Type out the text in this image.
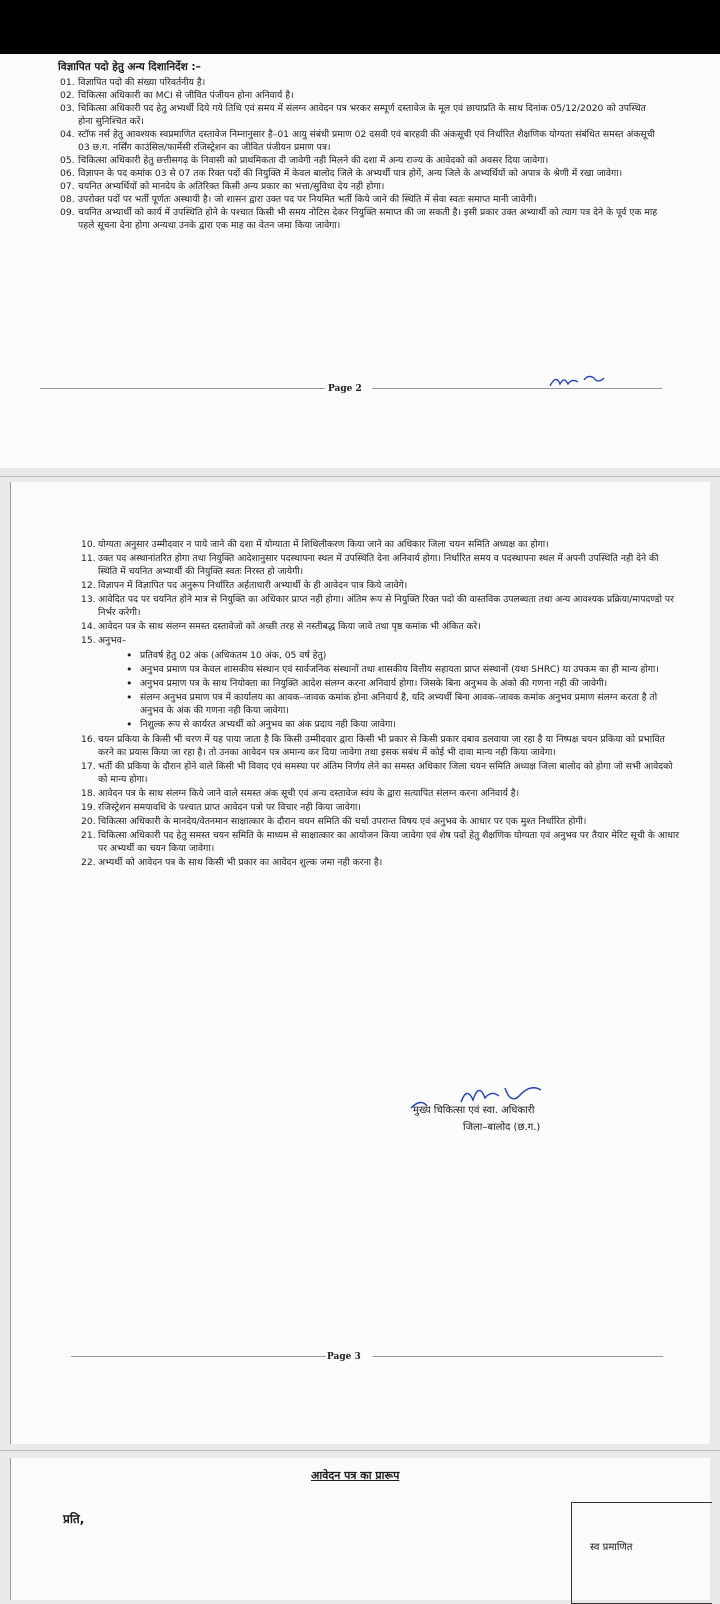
विज्ञापित पदो हेतु अन्य दिशानिर्देश :–
01. विज्ञापित पदो की संख्या परिवर्तनीय है।
02. चिकित्सा अधिकारी का MCI से जीवित पंजीयन होना अनिवार्य है।
03. चिकित्सा अधिकारी पद हेतु अभ्यर्थी दिये गये तिथि एवं समय में संलग्न आवेदन पत्र भरकर सम्पूर्ण दस्तावेज के मूल एवं छायाप्रति के साथ दिनांक 05/12/2020 को उपस्थित होना सुनिश्चित करें।
04. स्टॉफ नर्स हेतु आवश्यक स्वप्रमाणित दस्तावेज निम्नानुसार है–01 आयु संबंधी प्रमाण 02 दसवी एवं बारहवी की अंकसूची एवं निर्धारित शैक्षणिक योग्यता संबंधित समस्त अंकसूची 03 छ.ग. नर्सिंग काउंसिल/फार्मेसी रजिस्ट्रेशन का जीवित पंजीयन प्रमाण पत्र।
05. चिकित्सा अधिकारी हेतु छत्तीसगढ़ के निवासी को प्राथमिकता दी जावेगी नही मिलने की दशा में अन्य राज्य के आवेदको को अवसर दिया जावेगा।
06. विज्ञापन के पद कमांक 03 से 07 तक रिक्त पदों की नियुक्ति में केवल बालोद जिले के अभ्यर्थी पात्र होगें, अन्य जिले के अभ्यर्थियों को अपात्र के श्रेणी में रखा जावेगा।
07. चयनित अभ्यर्थियों को मानदेय के अतिरिक्त किसी अन्य प्रकार का भत्ता/सुविधा देय नही होगा।
08. उपरोक्त पदों पर भर्ती पूर्णतः अस्थायी है। जो शासन द्वारा उक्त पद पर नियमित भर्ती किये जाने की स्थिति में सेवा स्वतः समाप्त मानी जावेगी।
09. चयनित अभ्यार्थी को कार्य में उपस्थिति होने के पश्चात किसी भी समय नोटिस देकर नियुक्ति समाप्त की जा सकती है। इसी प्रकार उक्त अभ्यार्थी को त्याग पत्र देने के पूर्व एक माह पहले सूचना देना होगा अन्यथा उनके द्वारा एक माह का वेतन जमा किया जावेगा।
Page 2
10. योग्यता अनुसार उम्मीदवार न पाये जाने की दशा में योग्याता में शिथिलीकरण किया जाने का अधिकार जिला चयन समिति अध्यक्ष का होगा।
11. उक्त पद अस्थानांतरित होगा तथा नियुक्ति आदेशानुसार पदस्थापना स्थल में उपस्थिति देना अनिवार्य होगा। निर्धारित समय व पदस्थापना स्थल में अपनी उपस्थिति नही देने की स्थिति में चयनित अभ्यार्थी की नियुक्ति स्वतः निरस्त हो जायेगी।
12. विज्ञापन में विज्ञापित पद अनुरूप निर्धारित अर्हताधारी अभ्यार्थी के ही आवेदन पात्र किये जावेगे।
13. आवेदित पद पर चयनित होने मात्र से नियुक्ति का अधिकार प्राप्त नही होगा। अंतिम रूप से नियुक्ति रिक्त पदो की वास्तविक उपलब्धता तथा अन्य आवश्यक प्रक्रिया/मापदण्डो पर निर्भर करेगी।
14. आवेदन पत्र के साथ संलग्न समस्त दस्तावेजो को अच्छी तरह से नस्तीबद्ध किया जावे तथा पृष्ठ कमांक भी अंकित करे।
15. अनुभव–
• प्रतिवर्ष हेतु 02 अंक (अधिकतम 10 अंक, 05 वर्ष हेतु)
• अनुभव प्रमाण पत्र केवल शासकीय संस्थान एवं सार्वजनिक संस्थानों तथा शासकीय वित्तीय सहायता प्राप्त संस्थानों (यथा SHRC) या उपकम का ही मान्य होगा।
• अनुभव प्रमाण पत्र के साथ नियोक्ता का नियुक्ति आदेश संलग्न करना अनिवार्य होगा। जिसके बिना अनुभव के अंको की गणना नही की जावेगी।
• संलग्न अनुभव प्रमाण पत्र में कार्यालय का आवक–जावक कमांक होना अनिवार्य है, यदि अभ्यर्थी बिना आवक–जावक कमांक अनुभव प्रमाण संलग्न करता है तो अनुभव के अंक की गणना नही किया जावेगा।
• निशुल्क रूप से कार्यरत अभ्यर्थी को अनुभव का अंक प्रदाय नही किया जावेगा।
16. चयन प्रकिया के किसी भी चरण में यह पाया जाता है कि किसी उम्मीदवार द्वारा किसी भी प्रकार से किसी प्रकार दबाव डलवाया जा रहा है या निष्पक्ष चयन प्रकिया को प्रभावित करने का प्रयास किया जा रहा है। तो उनका आवेदन पत्र अमान्य कर दिया जावेगा तथा इसक सबंध में कोई भी दावा मान्य नही किया जावेगा।
17. भर्ती की प्रकिया के दौरान होने वाले किसी भी विवाद एवं समस्या पर अंतिम निर्णय लेने का समस्त अधिकार जिला चयन समिति अध्यक्ष जिला बालोद को होगा जो सभी आवेदको को मान्य होगा।
18. आवेदन पत्र के साथ संलग्न किये जाने वाले समस्त अंक सूची एवं अन्य दस्तावेज स्वंय के द्वारा सत्यापित संलग्न करना अनिवार्य है।
19. रजिस्ट्रेशन समयावधि के पश्चात प्राप्त आवेदन पत्रो पर विचार नही किया जावेगा।
20. चिकित्सा अधिकारी के मानदेय/वेतनमान साक्षात्कार के दौरान चयन समिति की चर्चा उपरान्त विषय एवं अनुभव के आधार पर एक मुश्त निर्धारित होगी।
21. चिकित्सा अधिकारी पद हेतु समस्त चयन समिति के माध्यम से साक्षात्कार का आयोजन किया जावेगा एवं शेष पदों हेतु शैक्षणिक योग्यता एवं अनुभव पर तैयार मेरिट सूची के आधार पर अभ्यर्थी का चयन किया जावेगा।
22. अभ्यर्थी को आवेदन पत्र के साथ किसी भी प्रकार का आवेदन शुल्क जमा नही करना है।
मुख्य चिकित्सा एवं स्वा. अधिकारी
जिला–बालोद (छ.ग.)
Page 3
आवेदन पत्र का प्रारूप
प्रति,
स्व प्रमाणित
